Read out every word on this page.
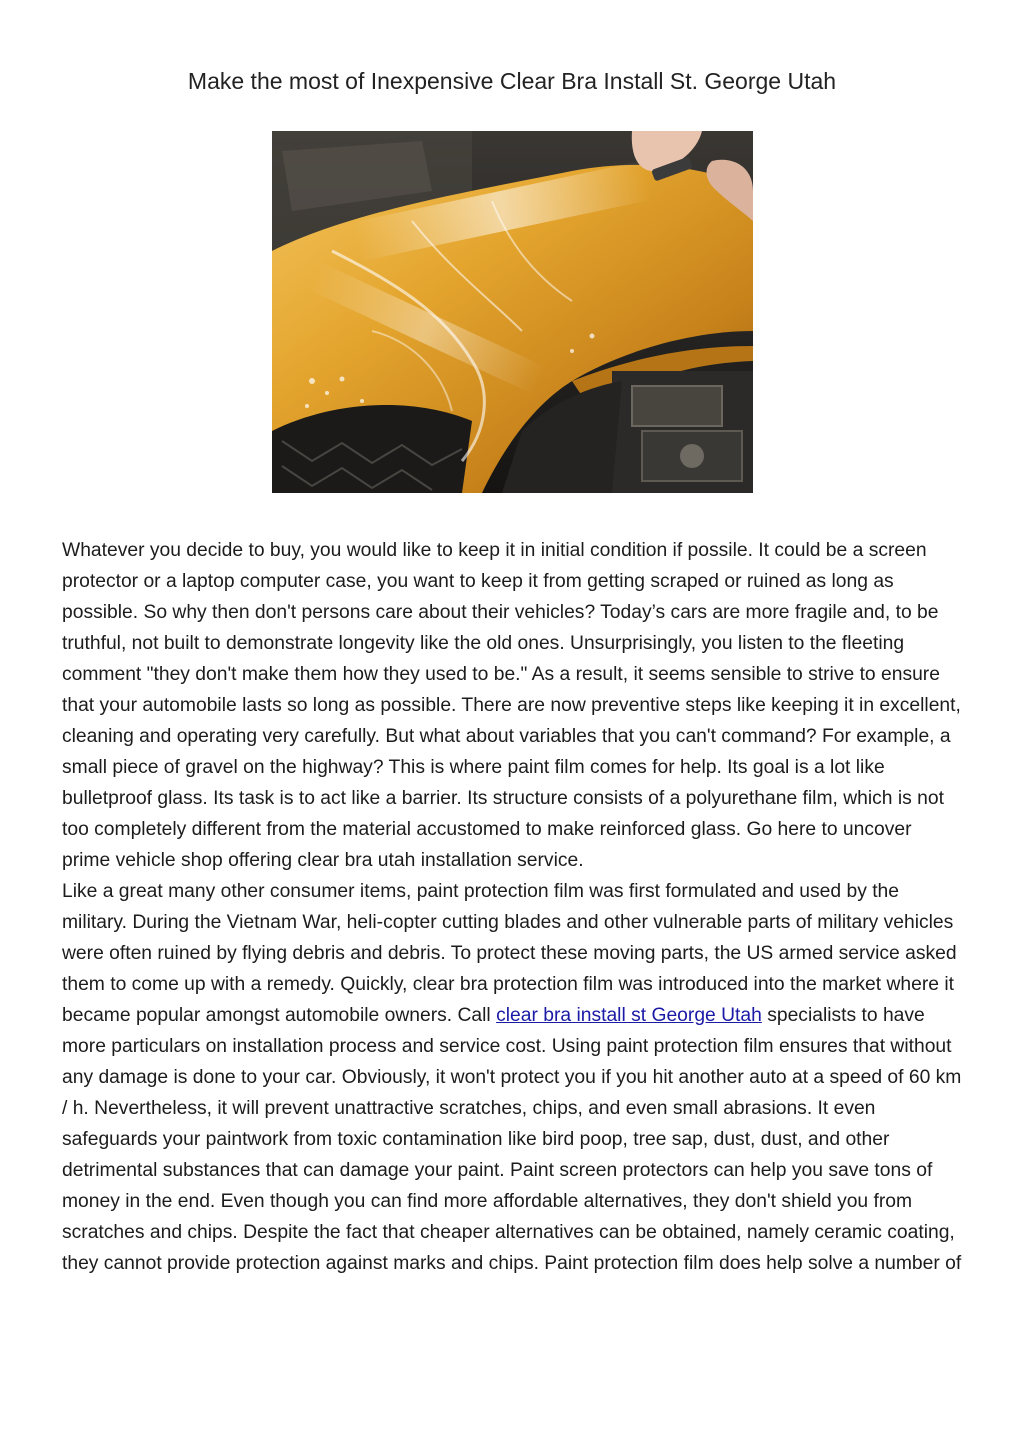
Make the most of Inexpensive Clear Bra Install St. George Utah

Whatever you decide to buy, you would like to keep it in initial condition if possile. It could be a screen protector or a laptop computer case, you want to keep it from getting scraped or ruined as long as possible. So why then don't persons care about their vehicles? Today’s cars are more fragile and, to be truthful, not built to demonstrate longevity like the old ones. Unsurprisingly, you listen to the fleeting comment "they don't make them how they used to be." As a result, it seems sensible to strive to ensure that your automobile lasts so long as possible. There are now preventive steps like keeping it in excellent, cleaning and operating very carefully. But what about variables that you can't command? For example, a small piece of gravel on the highway? This is where paint film comes for help. Its goal is a lot like bulletproof glass. Its task is to act like a barrier. Its structure consists of a polyurethane film, which is not too completely different from the material accustomed to make reinforced glass. Go here to uncover prime vehicle shop offering clear bra utah installation service.

Like a great many other consumer items, paint protection film was first formulated and used by the military. During the Vietnam War, heli-copter cutting blades and other vulnerable parts of military vehicles were often ruined by flying debris and debris. To protect these moving parts, the US armed service asked them to come up with a remedy. Quickly, clear bra protection film was introduced into the market where it became popular amongst automobile owners. Call clear bra install st George Utah specialists to have more particulars on installation process and service cost. Using paint protection film ensures that without any damage is done to your car. Obviously, it won't protect you if you hit another auto at a speed of 60 km / h. Nevertheless, it will prevent unattractive scratches, chips, and even small abrasions. It even safeguards your paintwork from toxic contamination like bird poop, tree sap, dust, dust, and other detrimental substances that can damage your paint. Paint screen protectors can help you save tons of money in the end. Even though you can find more affordable alternatives, they don't shield you from scratches and chips. Despite the fact that cheaper alternatives can be obtained, namely ceramic coating, they cannot provide protection against marks and chips. Paint protection film does help solve a number of
